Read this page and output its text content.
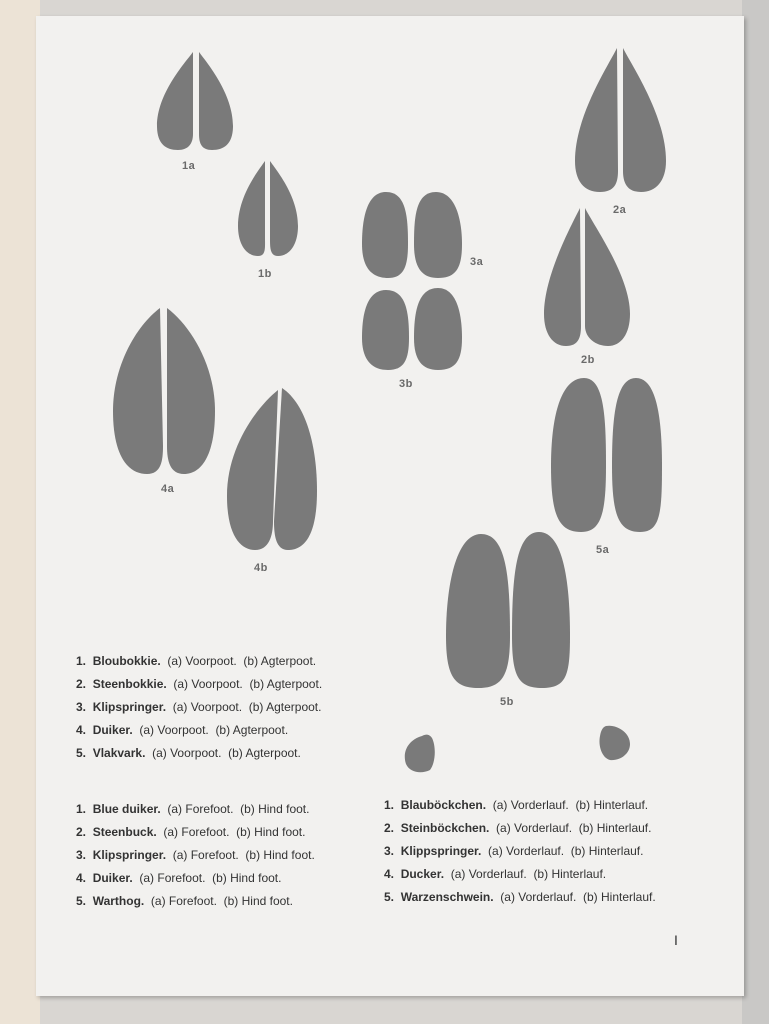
1a
1b
2a
2b
3a
3b
4a
4b
5a
5b
1. Bloubokkie. (a) Voorpoot. (b) Agterpoot.
2. Steenbokkie. (a) Voorpoot. (b) Agterpoot.
3. Klipspringer. (a) Voorpoot. (b) Agterpoot.
4. Duiker. (a) Voorpoot. (b) Agterpoot.
5. Vlakvark. (a) Voorpoot. (b) Agterpoot.
1. Blue duiker. (a) Forefoot. (b) Hind foot.
2. Steenbuck. (a) Forefoot. (b) Hind foot.
3. Klipspringer. (a) Forefoot. (b) Hind foot.
4. Duiker. (a) Forefoot. (b) Hind foot.
5. Warthog. (a) Forefoot. (b) Hind foot.
1. Blauböckchen. (a) Vorderlauf. (b) Hinterlauf.
2. Steinböckchen. (a) Vorderlauf. (b) Hinterlauf.
3. Klippspringer. (a) Vorderlauf. (b) Hinterlauf.
4. Ducker. (a) Vorderlauf. (b) Hinterlauf.
5. Warzenschwein. (a) Vorderlauf. (b) Hinterlauf.
I
